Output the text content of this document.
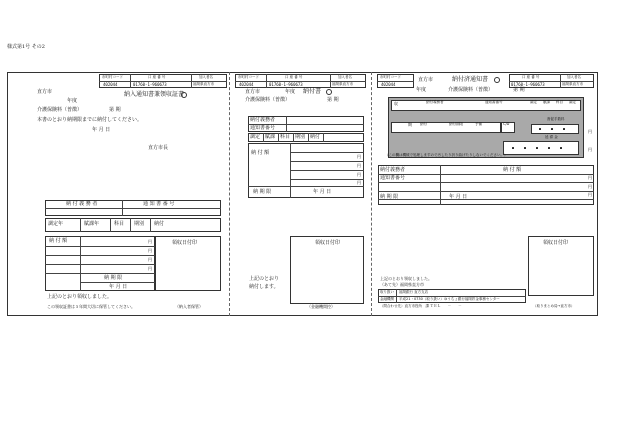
様式第1号 その2
市町村コード
402044
口 座 番 号
01760-1-960673
加入者名
福岡県直方市
直方市	納入通知書兼領収証書
年度
介護保険料（普徴）	第 期
本書のとおり納期限までに納付してください。
年 月 日
直方市長
納 付 義 務 者	通 知 書 番 号
調定年	賦課年	科目 期別 納付
納 付 額	円
円
円
円
納 期 限
年 月 日
領収日付印
上記のとおり領収しました。
この領収証書は５年間大切に保管してください。	（納入者保管）
市町村コード
402044
口 座 番 号
01760-1-960673
加入者名
福岡県直方市
直方市	年度 納付書
介護保険料（普徴）	第 期
納付義務者
通知書番号
調定 賦課 科目 期別 納付
納 付 額
円
円
円
円
納 期 限	年 月 日
領収日付印
上記のとおり
納付します。
（金融機関控）
市町村コード
402044
口 座 番 号
01760-1-960673
加入者名
福岡県直方市
直方市	納付済通知書
年度	介護保険料（普徴）	第 期
収	納付義務者	通知書番号	調定 賦課 科目 調定
期 納付	納付期限	予備	C/D
督促手数料
円
延 滞 金
円
（この欄は機械で処理しますので汚したり折り曲げたりしないでください。）
納付義務者	納 付 額
通知書番号	円
円
円
納 期 限	年 月 日
領収日付印
上記のとおり領収しました。
（あて先）福岡県直方市
取り扱い 福岡銀行 直方支店
金融機関 平成21・0730（取り扱い）ゆうちょ銀行福岡貯金事務センター
（問合わせ先）直方市役所　課 ＴＥＬ　　－　　－	（取りまとめ局→直方市）
